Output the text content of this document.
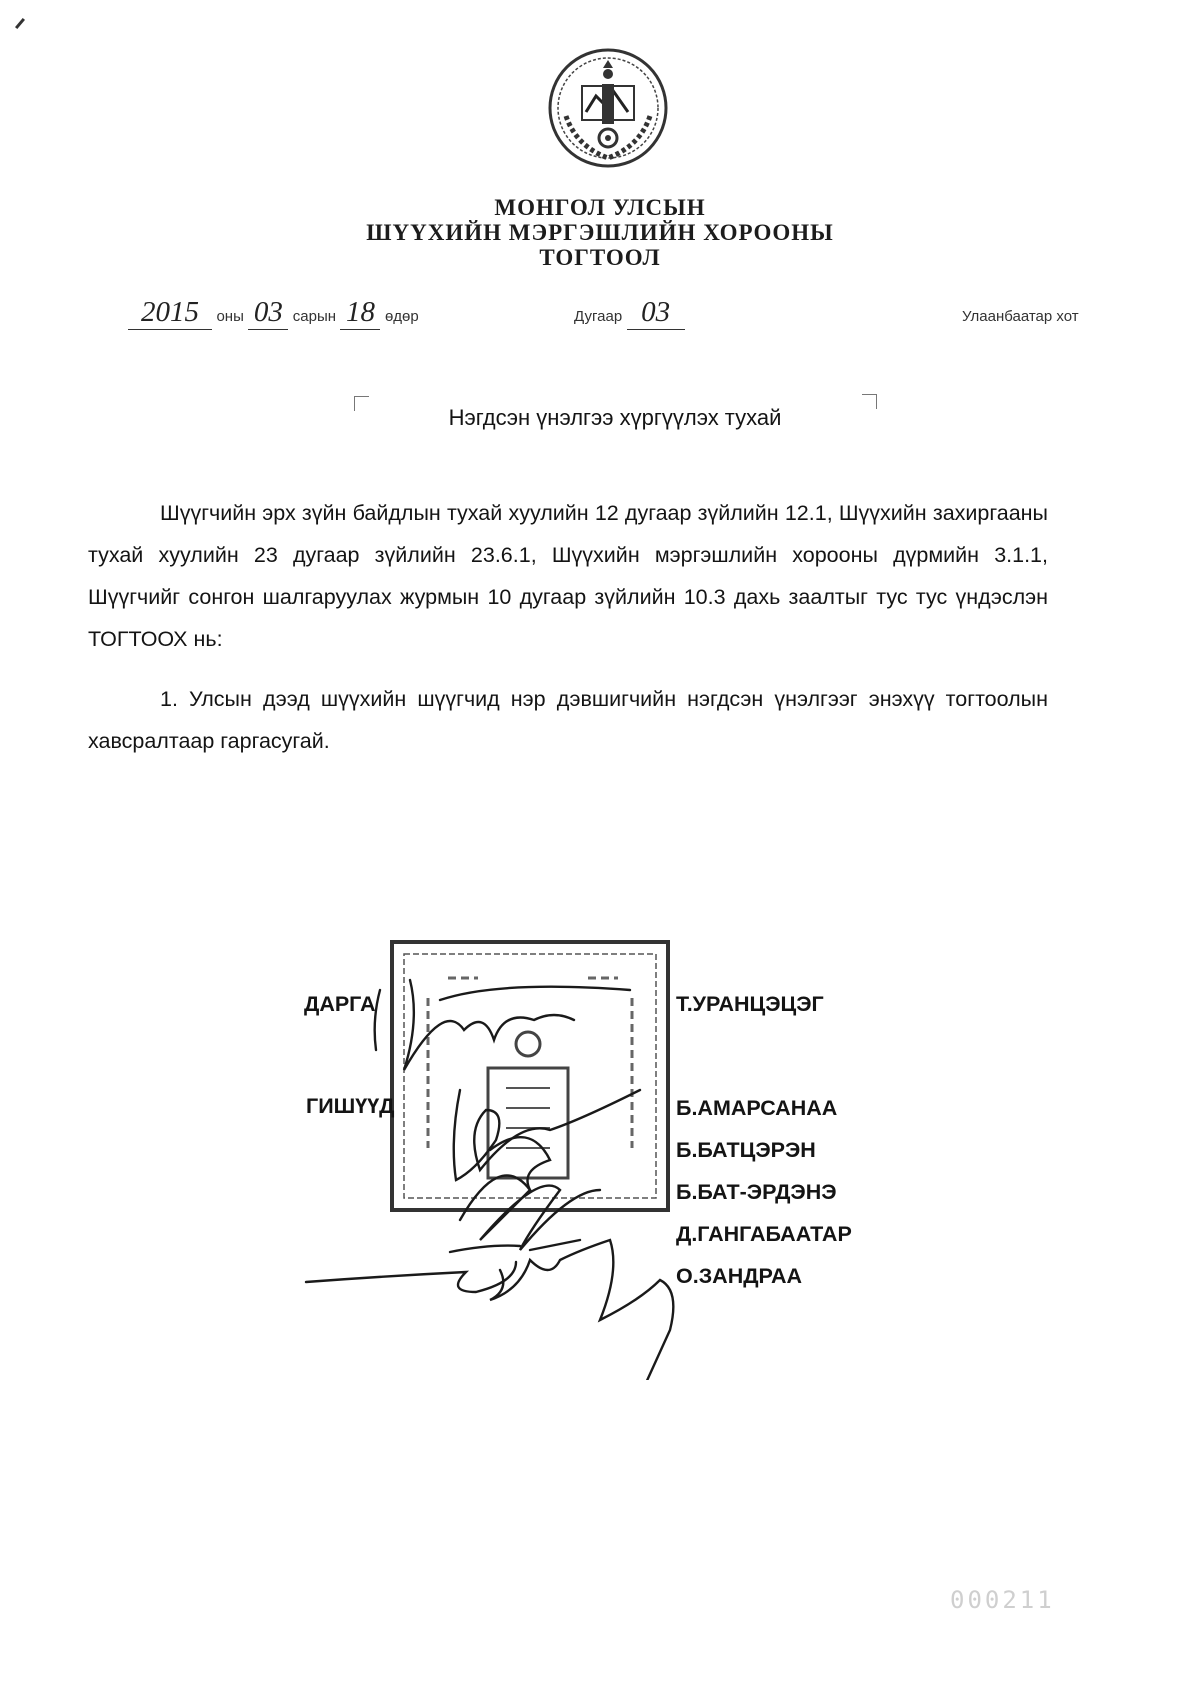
МОНГОЛ УЛСЫН
ШҮҮХИЙН МЭРГЭШЛИЙН ХОРООНЫ
ТОГТООЛ
2015 оны 03 сарын 18 өдөр	Дугаар 03	Улаанбаатар хот
Нэгдсэн үнэлгээ хүргүүлэх тухай
Шүүгчийн эрх зүйн байдлын тухай хуулийн 12 дугаар зүйлийн 12.1, Шүүхийн захиргааны тухай хуулийн 23 дугаар зүйлийн 23.6.1, Шүүхийн мэргэшлийн хорооны дүрмийн 3.1.1, Шүүгчийг сонгон шалгаруулах журмын 10 дугаар зүйлийн 10.3 дахь заалтыг тус тус үндэслэн ТОГТООХ нь:
1. Улсын дээд шүүхийн шүүгчид нэр дэвшигчийн нэгдсэн үнэлгээг энэхүү тогтоолын хавсралтаар гаргасугай.
ДАРГА	Т.УРАНЦЭЦЭГ
ГИШҮҮД	Б.АМАРСАНАА
Б.БАТЦЭРЭН
Б.БАТ-ЭРДЭНЭ
Д.ГАНГАБААТАР
О.ЗАНДРАА
000211
